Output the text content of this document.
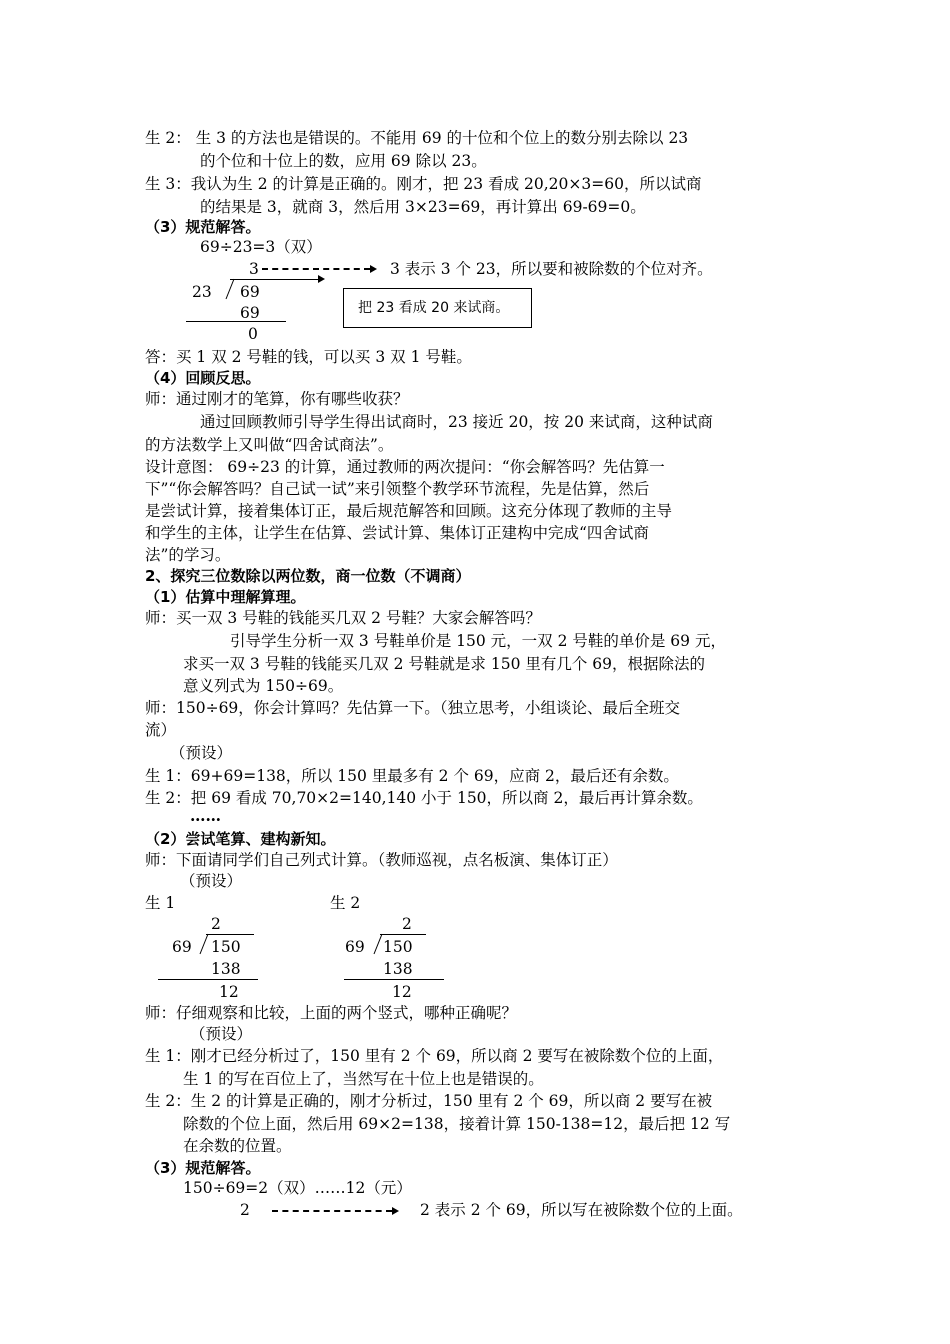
生 2： 生 3 的方法也是错误的。不能用 69 的十位和个位上的数分别去除以 23
的个位和十位上的数，应用 69 除以 23。
生 3：我认为生 2 的计算是正确的。刚才，把 23 看成 20,20×3=60，所以试商
的结果是 3，就商 3，然后用 3×23=69，再计算出 69-69=0。
（3）规范解答。
69÷23=3（双）
3	3 表示 3 个 23，所以要和被除数的个位对齐。
23 69
把 23 看成 20 来试商。
69
0
答：买 1 双 2 号鞋的钱，可以买 3 双 1 号鞋。
（4）回顾反思。
师：通过刚才的笔算，你有哪些收获？
通过回顾教师引导学生得出试商时，23 接近 20，按 20 来试商，这种试商
的方法数学上又叫做“四舍试商法”。
设计意图： 69÷23 的计算，通过教师的两次提问：“你会解答吗？先估算一
下”“你会解答吗？自己试一试”来引领整个教学环节流程，先是估算，然后
是尝试计算，接着集体订正，最后规范解答和回顾。这充分体现了教师的主导
和学生的主体，让学生在估算、尝试计算、集体订正建构中完成“四舍试商
法”的学习。
2、探究三位数除以两位数，商一位数（不调商）
（1）估算中理解算理。
师：买一双 3 号鞋的钱能买几双 2 号鞋？大家会解答吗？
引导学生分析一双 3 号鞋单价是 150 元，一双 2 号鞋的单价是 69 元，
求买一双 3 号鞋的钱能买几双 2 号鞋就是求 150 里有几个 69，根据除法的
意义列式为 150÷69。
师：150÷69，你会计算吗？先估算一下。（独立思考，小组谈论、最后全班交
流）
（预设）
生 1：69+69=138，所以 150 里最多有 2 个 69，应商 2，最后还有余数。
生 2：把 69 看成 70,70×2=140,140 小于 150，所以商 2，最后再计算余数。
……
（2）尝试笔算、建构新知。
师：下面请同学们自己列式计算。（教师巡视，点名板演、集体订正）
（预设）
生 1
2
69 150
138
12
生 2
2
69 150
138
12
师：仔细观察和比较，上面的两个竖式，哪种正确呢？
（预设）
生 1：刚才已经分析过了，150 里有 2 个 69，所以商 2 要写在被除数个位的上面，
生 1 的写在百位上了，当然写在十位上也是错误的。
生 2：生 2 的计算是正确的，刚才分析过，150 里有 2 个 69，所以商 2 要写在被
除数的个位上面，然后用 69×2=138，接着计算 150-138=12，最后把 12 写
在余数的位置。
（3）规范解答。
150÷69=2（双）……12（元）
2	2 表示 2 个 69，所以写在被除数个位的上面。
